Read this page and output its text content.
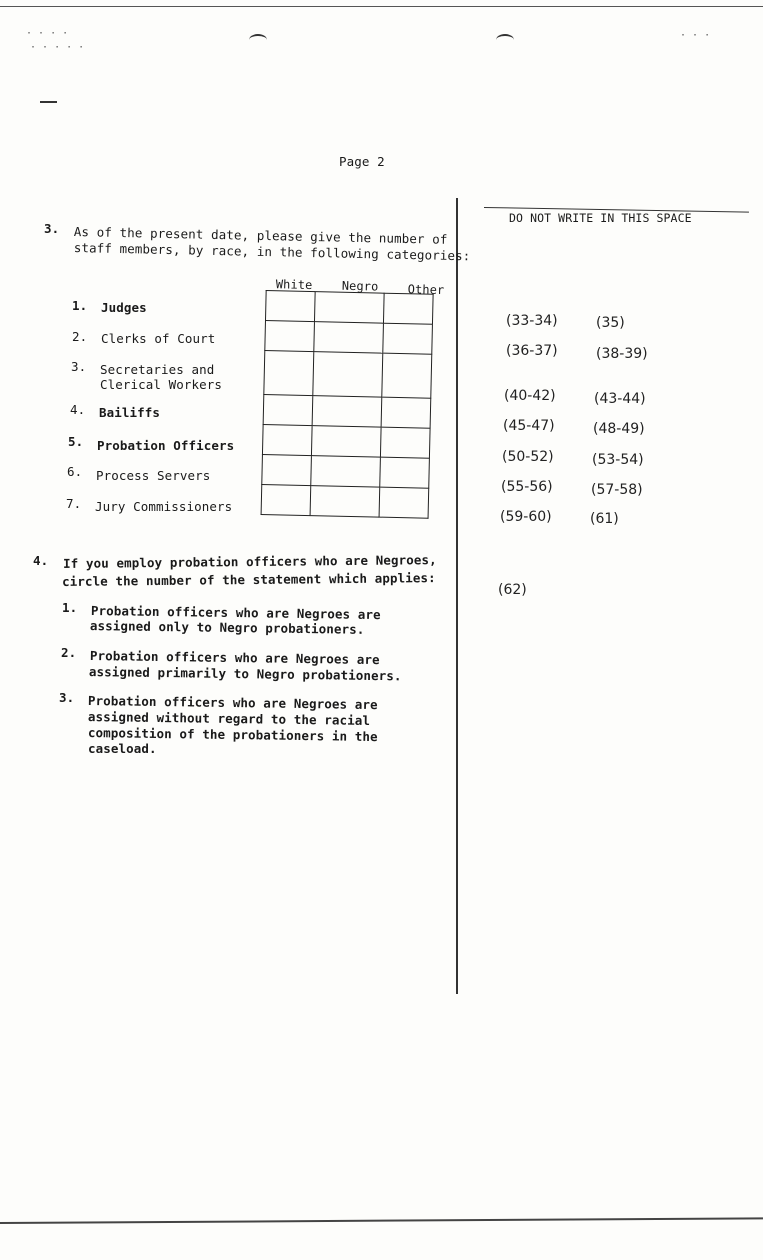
· · · ·
· · · · ·
· · ·
Page 2
DO NOT WRITE IN THIS SPACE
(33-34)	(35)
(36-37)	(38-39)
(40-42)	(43-44)
(45-47)	(48-49)
(50-52)	(53-54)
(55-56)	(57-58)
(59-60)	(61)
(62)
3. As of the present date, please give the number of
staff members, by race, in the following categories:
White Negro Other

1. Judges
2. Clerks of Court
3. Secretaries and
Clerical Workers
4. Bailiffs
5. Probation Officers
6. Process Servers
7. Jury Commissioners
4. If you employ probation officers who are Negroes,
circle the number of the statement which applies:
1. Probation officers who are Negroes are
assigned only to Negro probationers.
2. Probation officers who are Negroes are
assigned primarily to Negro probationers.
3. Probation officers who are Negroes are
assigned without regard to the racial
composition of the probationers in the
caseload.
